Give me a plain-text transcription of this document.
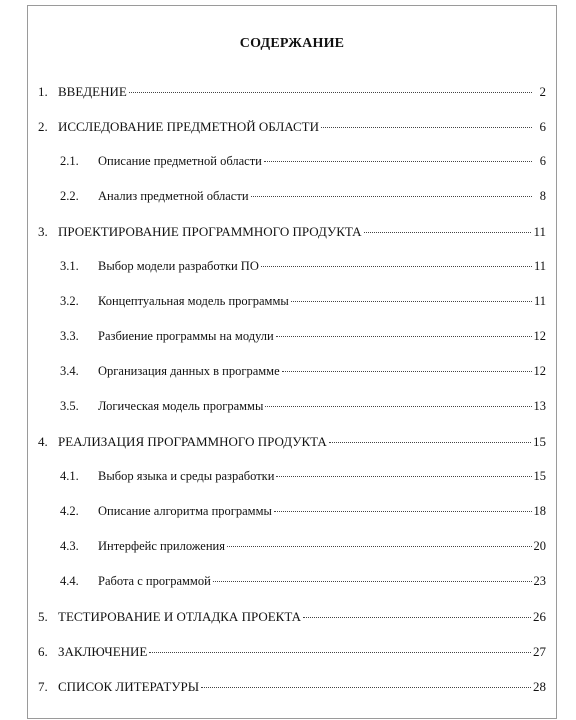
СОДЕРЖАНИЕ
1. ВВЕДЕНИЕ	2
2. ИССЛЕДОВАНИЕ ПРЕДМЕТНОЙ ОБЛАСТИ	6
2.1.	Описание предметной области	6
2.2.	Анализ предметной области	8
3. ПРОЕКТИРОВАНИЕ ПРОГРАММНОГО ПРОДУКТА	11
3.1.	Выбор модели разработки ПО	11
3.2.	Концептуальная модель программы	11
3.3.	Разбиение программы на модули	12
3.4.	Организация данных в программе	12
3.5.	Логическая модель программы	13
4. РЕАЛИЗАЦИЯ ПРОГРАММНОГО ПРОДУКТА	15
4.1.	Выбор языка и среды разработки	15
4.2.	Описание алгоритма программы	18
4.3.	Интерфейс приложения	20
4.4.	Работа с программой	23
5. ТЕСТИРОВАНИЕ И ОТЛАДКА ПРОЕКТА	26
6. ЗАКЛЮЧЕНИЕ	27
7. СПИСОК ЛИТЕРАТУРЫ	28
